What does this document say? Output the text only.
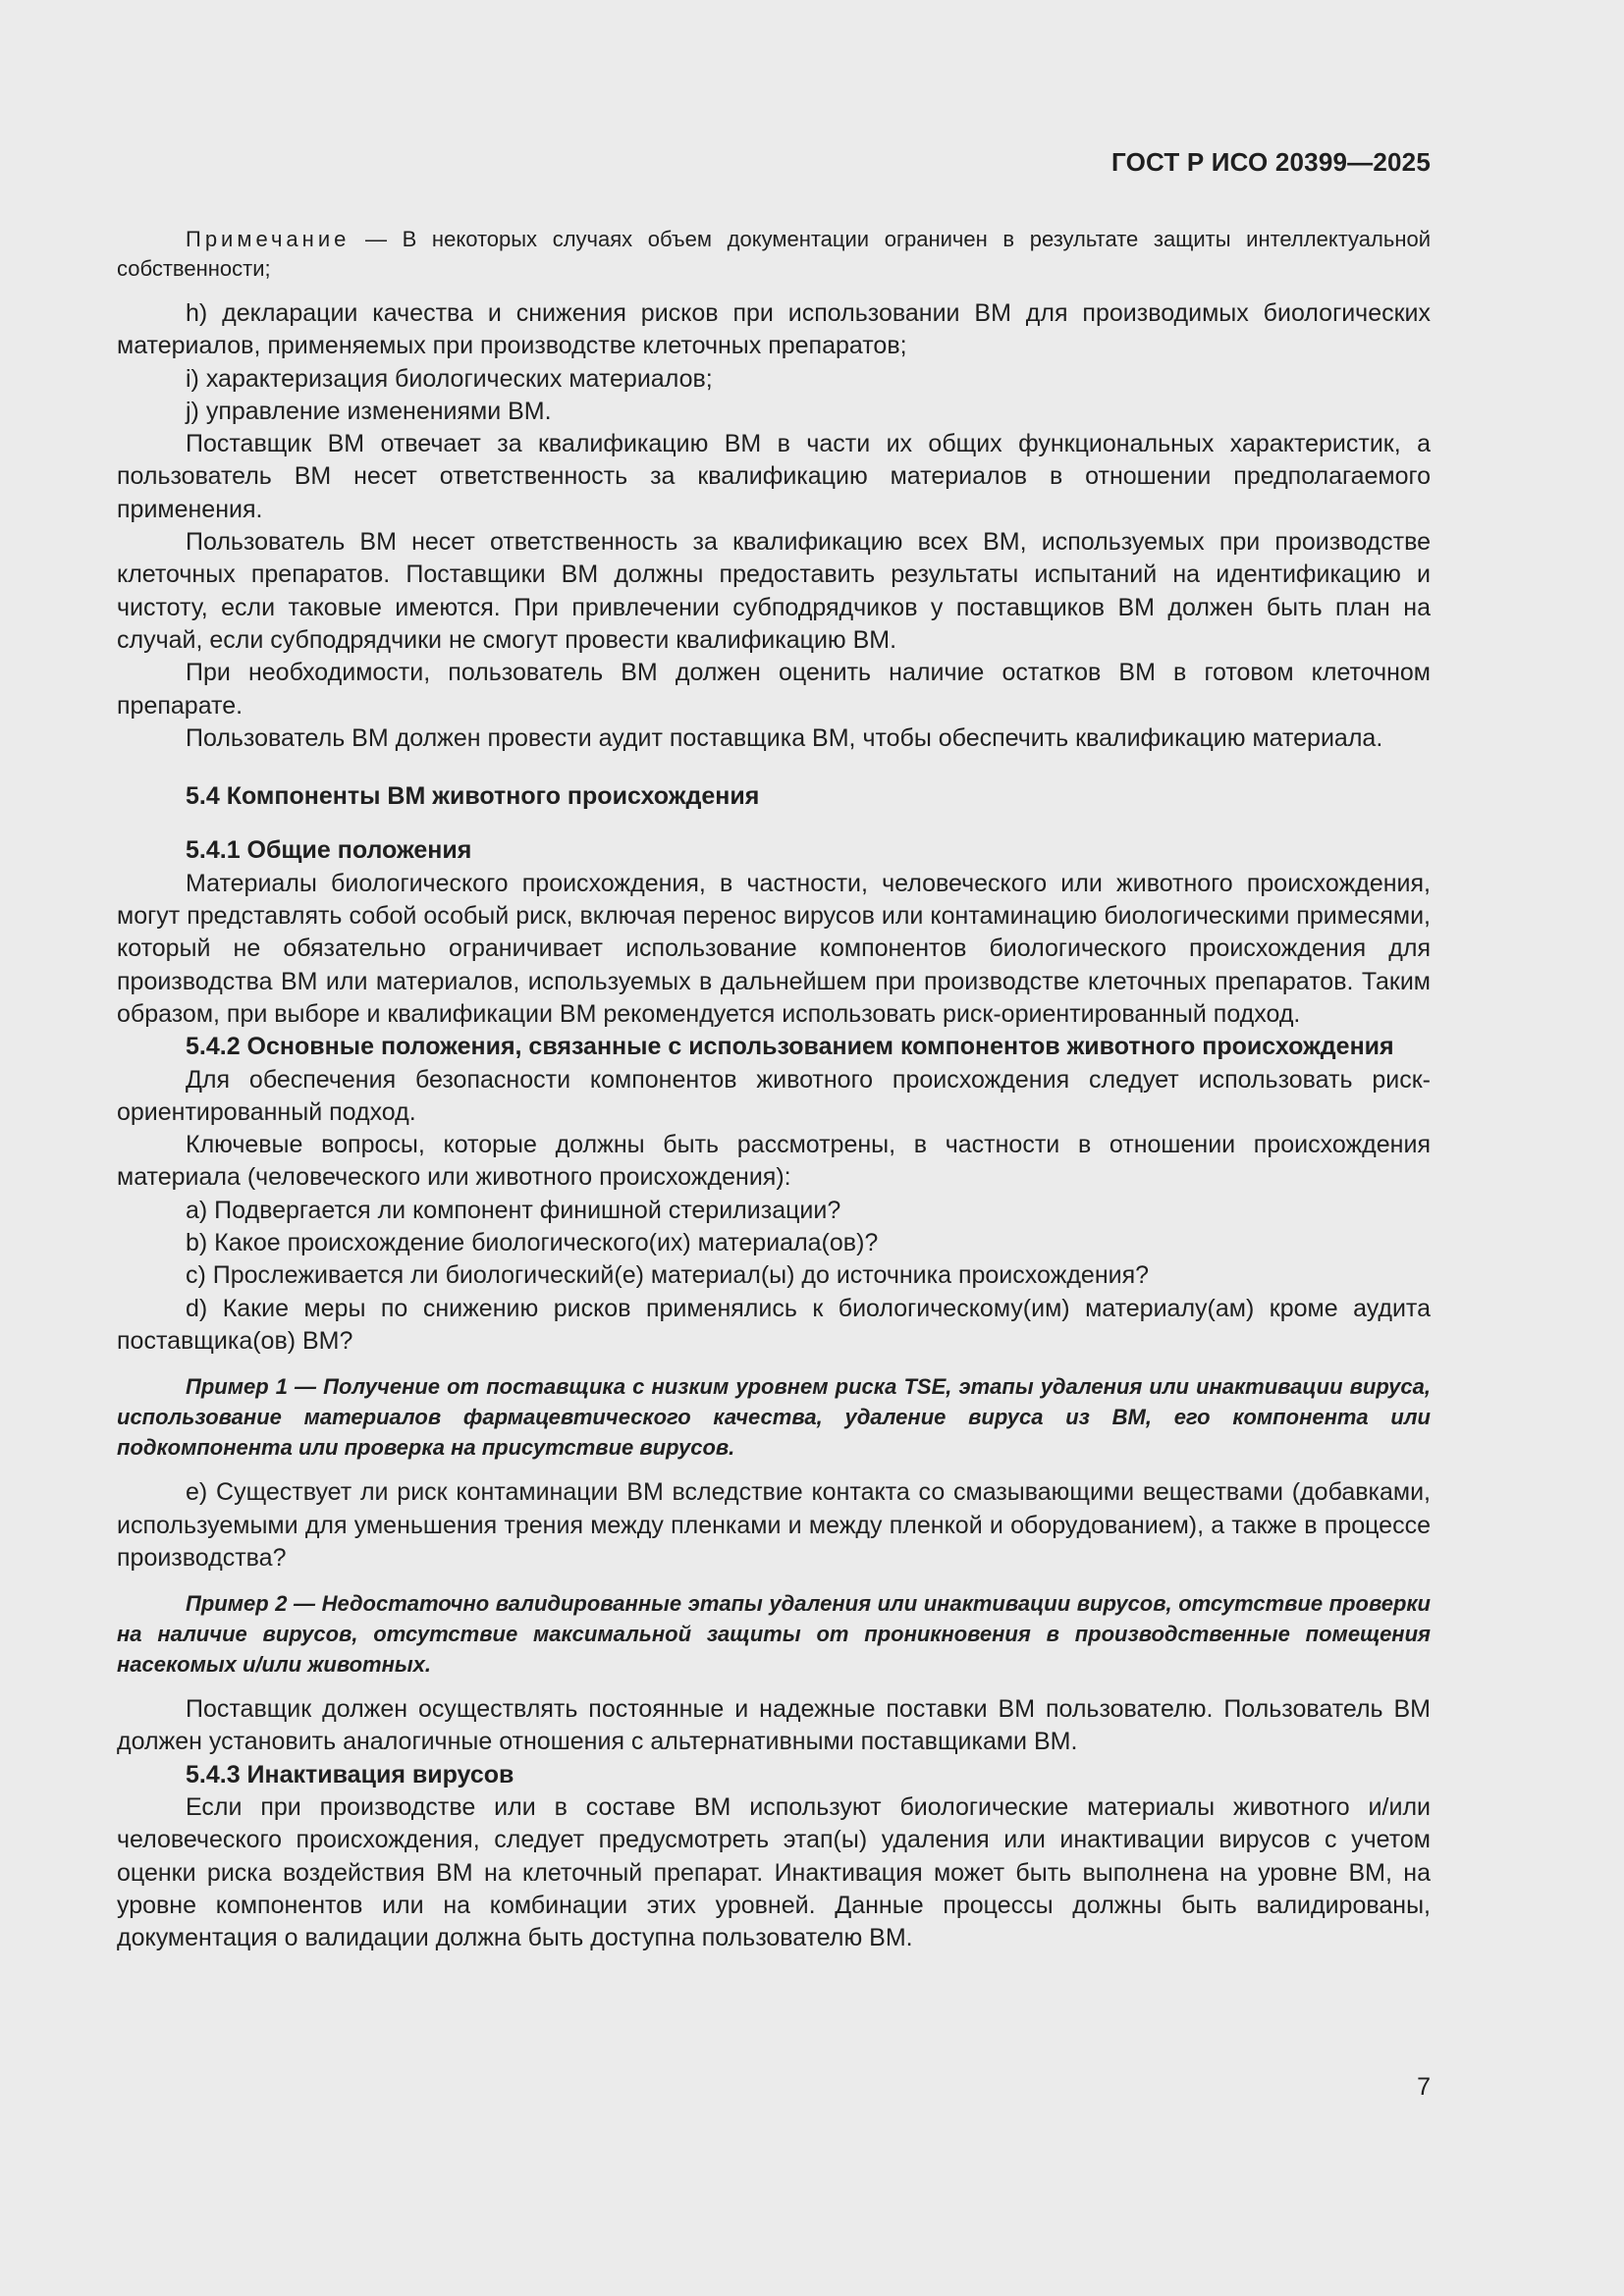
ГОСТ Р ИСО 20399—2025

Примечание — В некоторых случаях объем документации ограничен в результате защиты интеллектуальной собственности;

h) декларации качества и снижения рисков при использовании ВМ для производимых биологических материалов, применяемых при производстве клеточных препаратов;

i) характеризация биологических материалов;

j) управление изменениями ВМ.

Поставщик ВМ отвечает за квалификацию ВМ в части их общих функциональных характеристик, а пользователь ВМ несет ответственность за квалификацию материалов в отношении предполагаемого применения.

Пользователь ВМ несет ответственность за квалификацию всех ВМ, используемых при производстве клеточных препаратов. Поставщики ВМ должны предоставить результаты испытаний на идентификацию и чистоту, если таковые имеются. При привлечении субподрядчиков у поставщиков ВМ должен быть план на случай, если субподрядчики не смогут провести квалификацию ВМ.

При необходимости, пользователь ВМ должен оценить наличие остатков ВМ в готовом клеточном препарате.

Пользователь ВМ должен провести аудит поставщика ВМ, чтобы обеспечить квалификацию материала.

5.4 Компоненты ВМ животного происхождения

5.4.1 Общие положения

Материалы биологического происхождения, в частности, человеческого или животного происхождения, могут представлять собой особый риск, включая перенос вирусов или контаминацию биологическими примесями, который не обязательно ограничивает использование компонентов биологического происхождения для производства ВМ или материалов, используемых в дальнейшем при производстве клеточных препаратов. Таким образом, при выборе и квалификации ВМ рекомендуется использовать риск-ориентированный подход.

5.4.2 Основные положения, связанные с использованием компонентов животного происхождения

Для обеспечения безопасности компонентов животного происхождения следует использовать риск-ориентированный подход.

Ключевые вопросы, которые должны быть рассмотрены, в частности в отношении происхождения материала (человеческого или животного происхождения):

a) Подвергается ли компонент финишной стерилизации?

b) Какое происхождение биологического(их) материала(ов)?

c) Прослеживается ли биологический(е) материал(ы) до источника происхождения?

d) Какие меры по снижению рисков применялись к биологическому(им) материалу(ам) кроме аудита поставщика(ов) ВМ?

Пример 1 — Получение от поставщика с низким уровнем риска TSE, этапы удаления или инактивации вируса, использование материалов фармацевтического качества, удаление вируса из ВМ, его компонента или подкомпонента или проверка на присутствие вирусов.

e) Существует ли риск контаминации ВМ вследствие контакта со смазывающими веществами (добавками, используемыми для уменьшения трения между пленками и между пленкой и оборудованием), а также в процессе производства?

Пример 2 — Недостаточно валидированные этапы удаления или инактивации вирусов, отсутствие проверки на наличие вирусов, отсутствие максимальной защиты от проникновения в производственные помещения насекомых и/или животных.

Поставщик должен осуществлять постоянные и надежные поставки ВМ пользователю. Пользователь ВМ должен установить аналогичные отношения с альтернативными поставщиками ВМ.

5.4.3 Инактивация вирусов

Если при производстве или в составе ВМ используют биологические материалы животного и/или человеческого происхождения, следует предусмотреть этап(ы) удаления или инактивации вирусов с учетом оценки риска воздействия ВМ на клеточный препарат. Инактивация может быть выполнена на уровне ВМ, на уровне компонентов или на комбинации этих уровней. Данные процессы должны быть валидированы, документация о валидации должна быть доступна пользователю ВМ.

7
